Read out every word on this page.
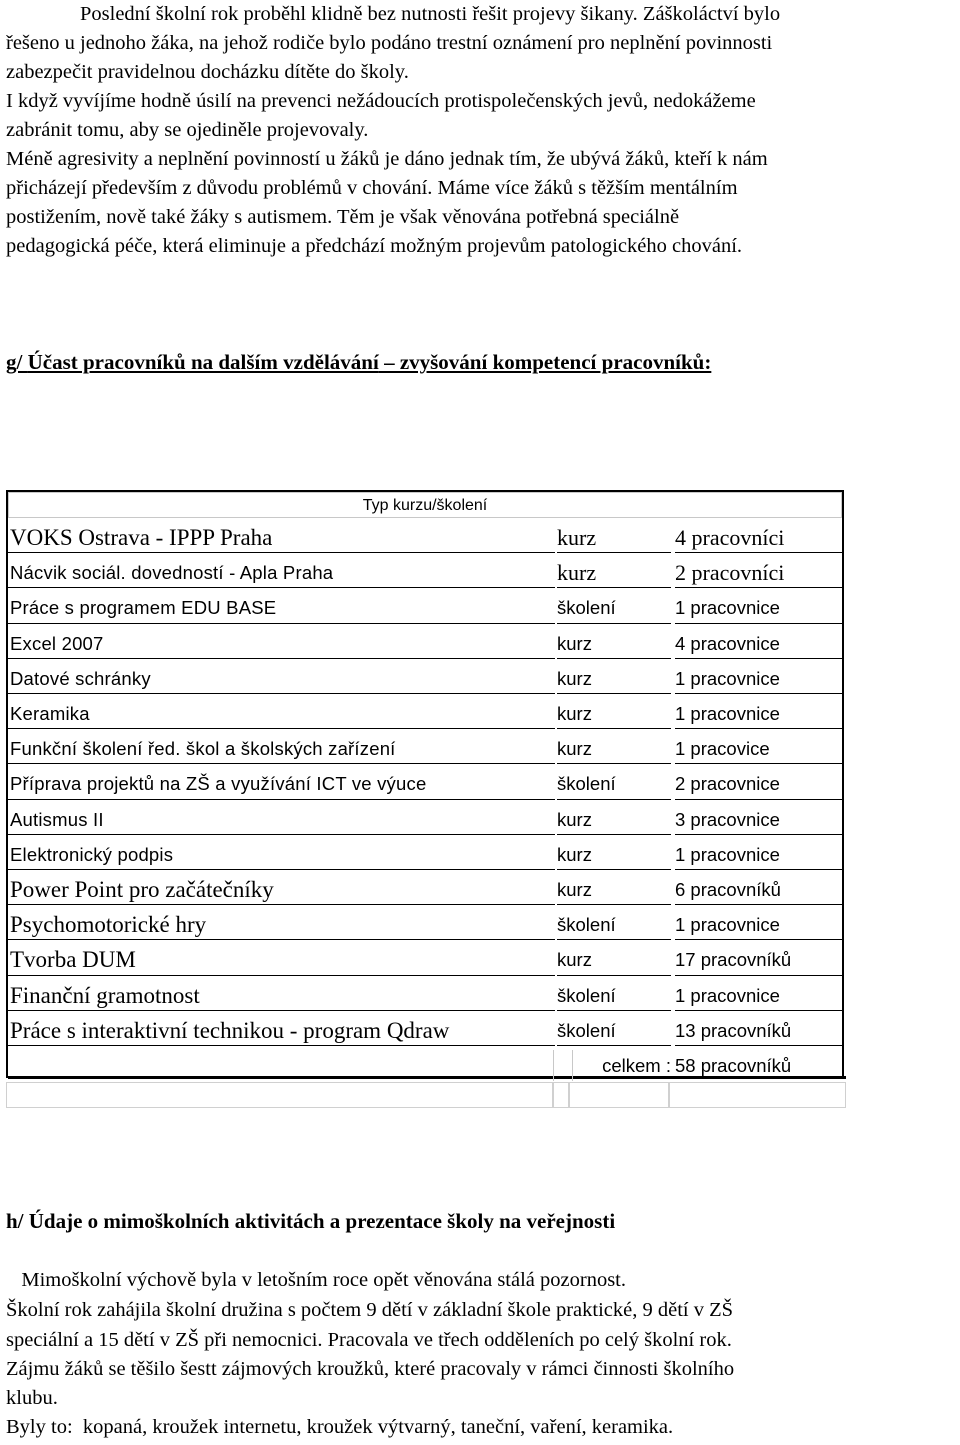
Poslední školní rok proběhl klidně bez nutnosti řešit projevy šikany. Záškoláctví bylo
řešeno u jednoho žáka, na jehož rodiče bylo podáno trestní oznámení pro neplnění povinnosti
zabezpečit pravidelnou docházku dítěte do školy.
I když vyvíjíme hodně úsilí na prevenci nežádoucích protispolečenských jevů, nedokážeme
zabránit tomu, aby se ojediněle projevovaly.
Méně agresivity a neplnění povinností u žáků je dáno jednak tím, že ubývá žáků, kteří k nám
přicházejí především z důvodu problémů v chování. Máme více žáků s těžším mentálním
postižením, nově také žáky s autismem. Těm je však věnována potřebná speciálně
pedagogická péče, která eliminuje a předchází možným projevům patologického chování.
g/ Účast pracovníků na dalším vzdělávání – zvyšování kompetencí pracovníků:
Typ kurzu/školení
VOKS Ostrava - IPPP Praha	kurz	4 pracovníci
Nácvik sociál. dovedností - Apla Praha	kurz	2 pracovníci
Práce s programem EDU BASE	školení	1 pracovnice
Excel 2007	kurz	4 pracovnice
Datové schránky	kurz	1 pracovnice
Keramika	kurz	1 pracovnice
Funkční školení řed. škol a školských zařízení	kurz	1 pracovice
Příprava projektů na ZŠ a využívání ICT ve výuce	školení	2 pracovnice
Autismus II	kurz	3 pracovnice
Elektronický podpis	kurz	1 pracovnice
Power Point pro začátečníky	kurz	6 pracovníků
Psychomotorické hry	školení	1 pracovnice
Tvorba DUM	kurz	17 pracovníků
Finanční gramotnost	školení	1 pracovnice
Práce s interaktivní technikou - program Qdraw	školení	13 pracovníků
celkem : 58 pracovníků
h/ Údaje o mimoškolních aktivitách a prezentace školy na veřejnosti
Mimoškolní výchově byla v letošním roce opět věnována stálá pozornost.
Školní rok zahájila školní družina s počtem 9 dětí v základní škole praktické, 9 dětí v ZŠ
speciální a 15 dětí v ZŠ při nemocnici. Pracovala ve třech odděleních po celý školní rok.
Zájmu žáků se těšilo šestt zájmových kroužků, které pracovaly v rámci činnosti školního
klubu.
Byly to:  kopaná, kroužek internetu, kroužek výtvarný, taneční, vaření, keramika.
